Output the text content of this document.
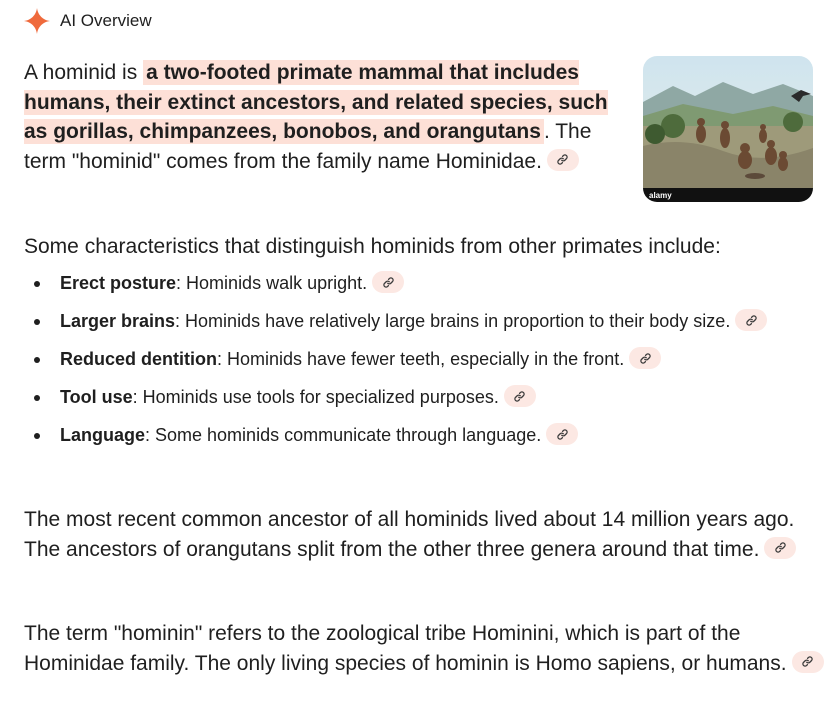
AI Overview
A hominid is a two-footed primate mammal that includes humans, their extinct ancestors, and related species, such as gorillas, chimpanzees, bonobos, and orangutans . The term "hominid" comes from the family name Hominidae.
alamy
Some characteristics that distinguish hominids from other primates include:
Erect posture: Hominids walk upright.
Larger brains: Hominids have relatively large brains in proportion to their body size.
Reduced dentition: Hominids have fewer teeth, especially in the front.
Tool use: Hominids use tools for specialized purposes.
Language: Some hominids communicate through language.
The most recent common ancestor of all hominids lived about 14 million years ago. The ancestors of orangutans split from the other three genera around that time.
The term "hominin" refers to the zoological tribe Hominini, which is part of the Hominidae family. The only living species of hominin is Homo sapiens, or humans.
